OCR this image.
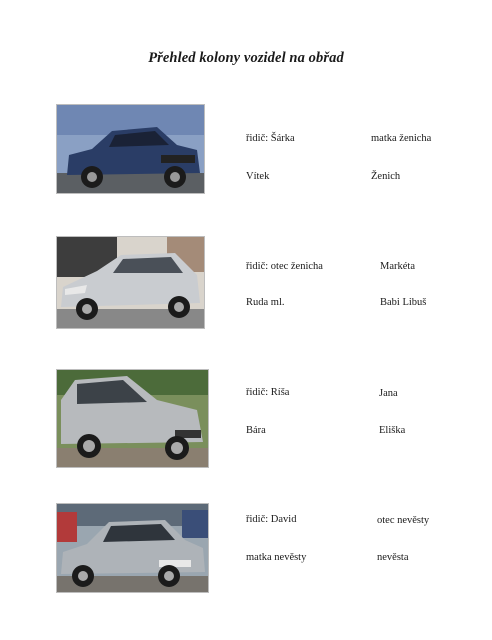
Přehled kolony vozidel na obřad
řidič: Šárka	matka ženicha
Vítek	Ženich
řidič: otec ženicha	Markéta
Ruda ml.	Babi Libuš
řidič: Ríša	Jana
Bára	Eliška
řidič: David	otec nevěsty
matka nevěsty	nevěsta
